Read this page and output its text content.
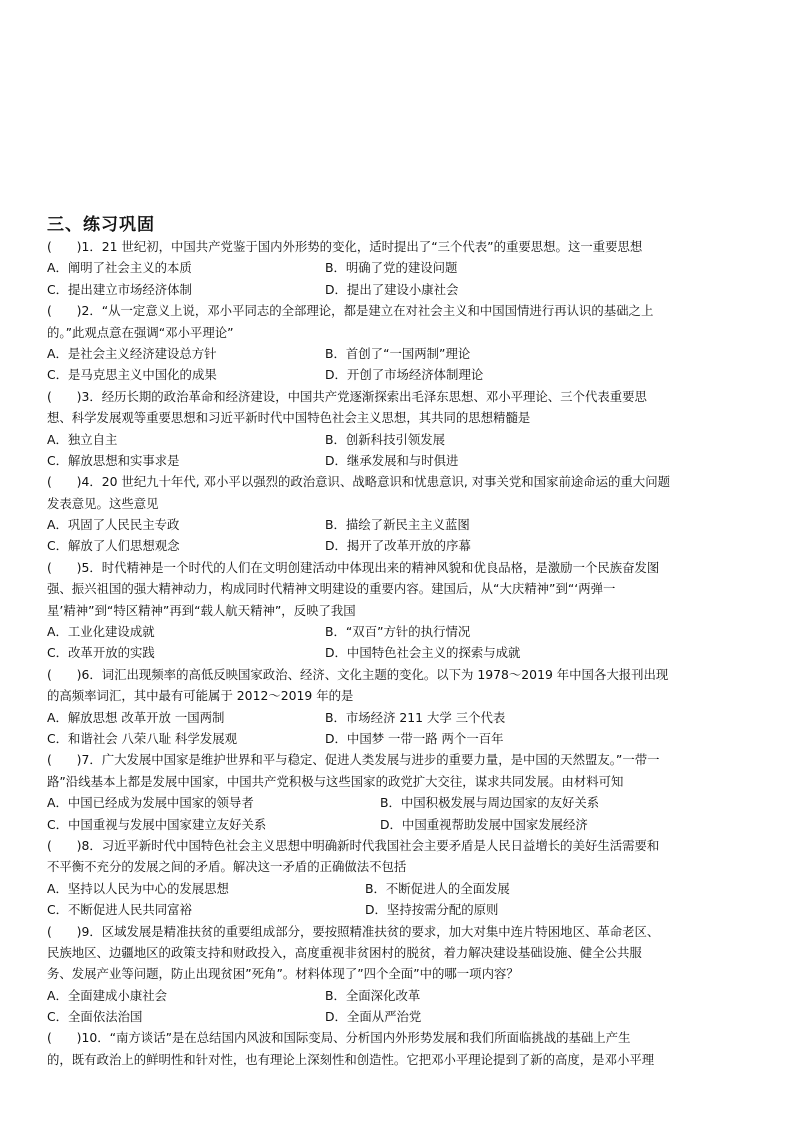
三、练习巩固
(　　)1．21 世纪初，中国共产党鉴于国内外形势的变化，适时提出了“三个代表”的重要思想。这一重要思想
A．阐明了社会主义的本质	B．明确了党的建设问题
C．提出建立市场经济体制	D．提出了建设小康社会
(　　)2．“从一定意义上说，邓小平同志的全部理论，都是建立在对社会主义和中国国情进行再认识的基础之上
的。”此观点意在强调“邓小平理论”
A．是社会主义经济建设总方针	B．首创了“一国两制”理论
C．是马克思主义中国化的成果	D．开创了市场经济体制理论
(　　)3．经历长期的政治革命和经济建设，中国共产党逐渐探索出毛泽东思想、邓小平理论、三个代表重要思
想、科学发展观等重要思想和习近平新时代中国特色社会主义思想，其共同的思想精髓是
A．独立自主	B．创新科技引领发展
C．解放思想和实事求是	D．继承发展和与时俱进
(　　)4．20 世纪九十年代, 邓小平以强烈的政治意识、战略意识和忧患意识, 对事关党和国家前途命运的重大问题
发表意见。这些意见
A．巩固了人民民主专政	B．描绘了新民主主义蓝图
C．解放了人们思想观念	D．揭开了改革开放的序幕
(　　)5．时代精神是一个时代的人们在文明创建活动中体现出来的精神风貌和优良品格，是激励一个民族奋发图
强、振兴祖国的强大精神动力，构成同时代精神文明建设的重要内容。建国后，从“大庆精神”到“‘两弹一
星’精神”到“特区精神”再到“载人航天精神”，反映了我国
A．工业化建设成就	B．“双百”方针的执行情况
C．改革开放的实践	D．中国特色社会主义的探索与成就
(　　)6．词汇出现频率的高低反映国家政治、经济、文化主题的变化。以下为 1978～2019 年中国各大报刊出现
的高频率词汇，其中最有可能属于 2012～2019 年的是
A．解放思想 改革开放 一国两制	B．市场经济 211 大学 三个代表
C．和谐社会 八荣八耻 科学发展观	D．中国梦 一带一路 两个一百年
(　　)7．广大发展中国家是维护世界和平与稳定、促进人类发展与进步的重要力量，是中国的天然盟友。”一带一
路”沿线基本上都是发展中国家，中国共产党积极与这些国家的政党扩大交往，谋求共同发展。由材料可知
A．中国已经成为发展中国家的领导者	B．中国积极发展与周边国家的友好关系
C．中国重视与发展中国家建立友好关系	D．中国重视帮助发展中国家发展经济
(　　)8．习近平新时代中国特色社会主义思想中明确新时代我国社会主要矛盾是人民日益增长的美好生活需要和
不平衡不充分的发展之间的矛盾。解决这一矛盾的正确做法不包括
A．坚持以人民为中心的发展思想	B．不断促进人的全面发展
C．不断促进人民共同富裕	D．坚持按需分配的原则
(　　)9．区域发展是精准扶贫的重要组成部分，要按照精准扶贫的要求，加大对集中连片特困地区、革命老区、
民族地区、边疆地区的政策支持和财政投入，高度重视非贫困村的脱贫，着力解决建设基础设施、健全公共服
务、发展产业等问题，防止出现贫困”死角”。材料体现了”四个全面”中的哪一项内容？
A．全面建成小康社会	B．全面深化改革
C．全面依法治国	D．全面从严治党
(　　)10．“南方谈话”是在总结国内风波和国际变局、分析国内外形势发展和我们所面临挑战的基础上产生
的，既有政治上的鲜明性和针对性，也有理论上深刻性和创造性。它把邓小平理论提到了新的高度，是邓小平理
